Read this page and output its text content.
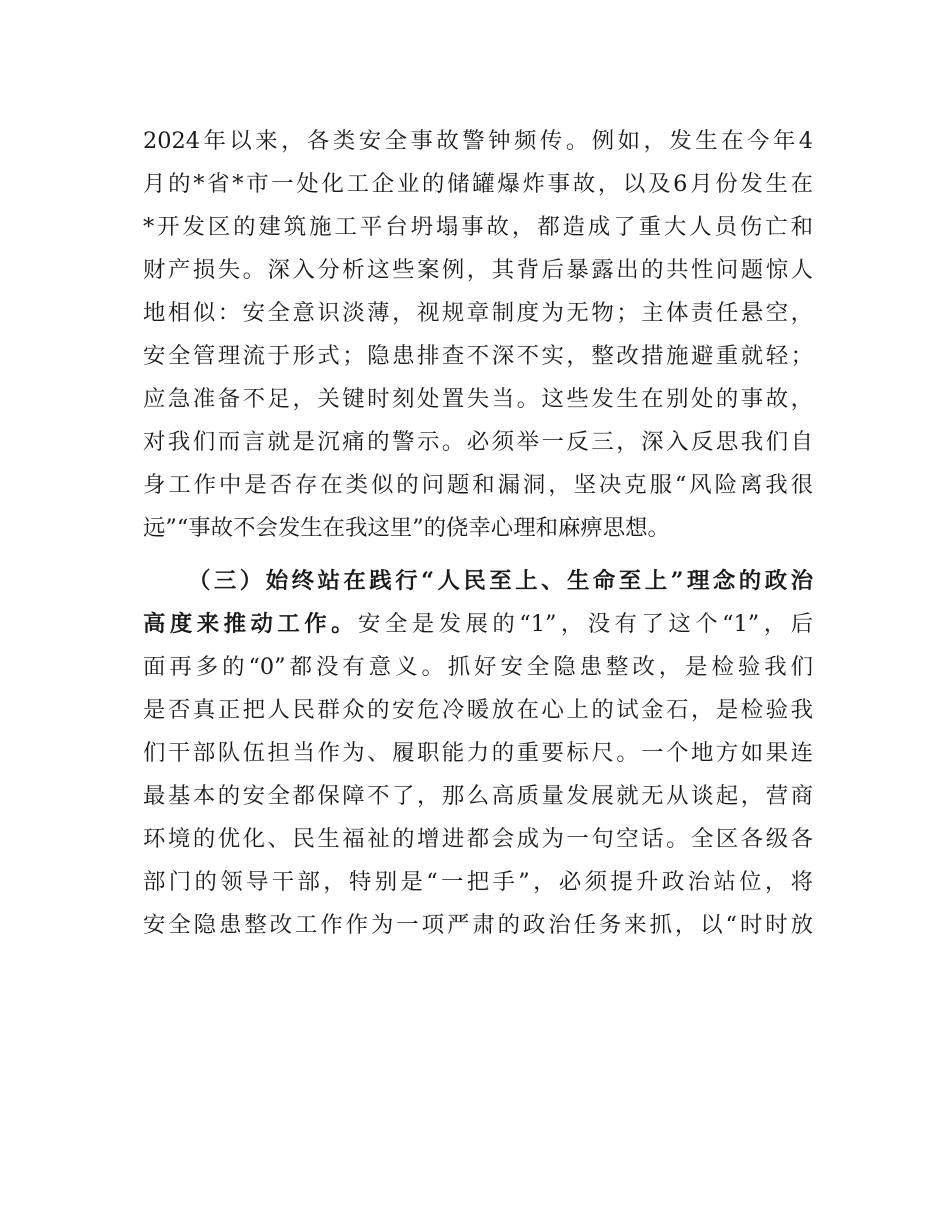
2024年以来，各类安全事故警钟频传。例如，发生在今年4
月的*省*市一处化工企业的储罐爆炸事故，以及6月份发生在
*开发区的建筑施工平台坍塌事故，都造成了重大人员伤亡和
财产损失。深入分析这些案例，其背后暴露出的共性问题惊人
地相似：安全意识淡薄，视规章制度为无物；主体责任悬空，
安全管理流于形式；隐患排查不深不实，整改措施避重就轻；
应急准备不足，关键时刻处置失当。这些发生在别处的事故，
对我们而言就是沉痛的警示。必须举一反三，深入反思我们自
身工作中是否存在类似的问题和漏洞，坚决克服“风险离我很
远”“事故不会发生在我这里”的侥幸心理和麻痹思想。
（三）始终站在践行“人民至上、生命至上”理念的政治
高度来推动工作。安全是发展的“1”，没有了这个“1”，后
面再多的“0”都没有意义。抓好安全隐患整改，是检验我们
是否真正把人民群众的安危冷暖放在心上的试金石，是检验我
们干部队伍担当作为、履职能力的重要标尺。一个地方如果连
最基本的安全都保障不了，那么高质量发展就无从谈起，营商
环境的优化、民生福祉的增进都会成为一句空话。全区各级各
部门的领导干部，特别是“一把手”，必须提升政治站位，将
安全隐患整改工作作为一项严肃的政治任务来抓，以“时时放
